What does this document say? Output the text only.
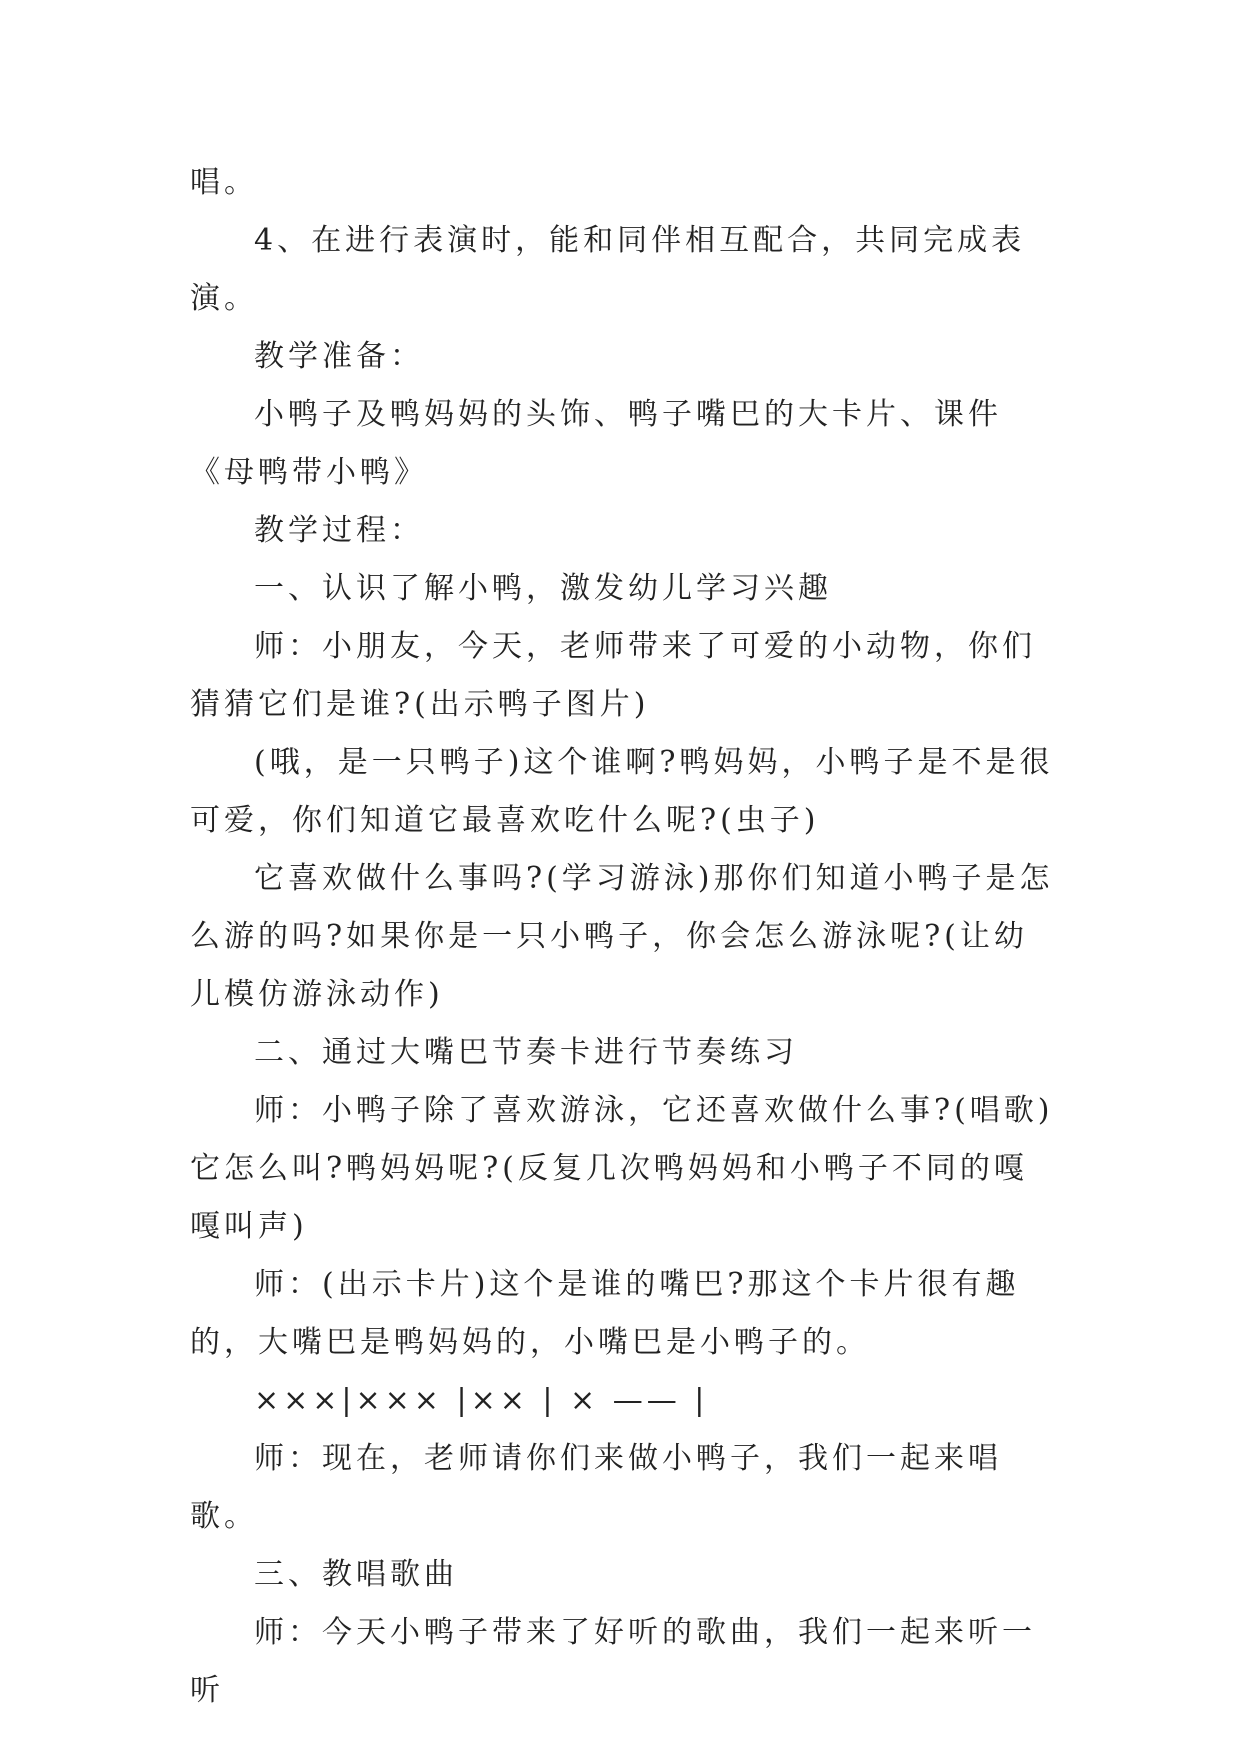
唱。

4、在进行表演时，能和同伴相互配合，共同完成表演。

教学准备：

小鸭子及鸭妈妈的头饰、鸭子嘴巴的大卡片、课件《母鸭带小鸭》

教学过程：

一、认识了解小鸭，激发幼儿学习兴趣

师：小朋友，今天，老师带来了可爱的小动物，你们猜猜它们是谁?(出示鸭子图片)

(哦，是一只鸭子)这个谁啊?鸭妈妈，小鸭子是不是很可爱，你们知道它最喜欢吃什么呢?(虫子)

它喜欢做什么事吗?(学习游泳)那你们知道小鸭子是怎么游的吗?如果你是一只小鸭子，你会怎么游泳呢?(让幼儿模仿游泳动作)

二、通过大嘴巴节奏卡进行节奏练习

师：小鸭子除了喜欢游泳，它还喜欢做什么事?(唱歌)它怎么叫?鸭妈妈呢?(反复几次鸭妈妈和小鸭子不同的嘎嘎叫声)

师：(出示卡片)这个是谁的嘴巴?那这个卡片很有趣的，大嘴巴是鸭妈妈的，小嘴巴是小鸭子的。

×××|××× |×× | × —— |

师：现在，老师请你们来做小鸭子，我们一起来唱歌。

三、教唱歌曲

师：今天小鸭子带来了好听的歌曲，我们一起来听一听
